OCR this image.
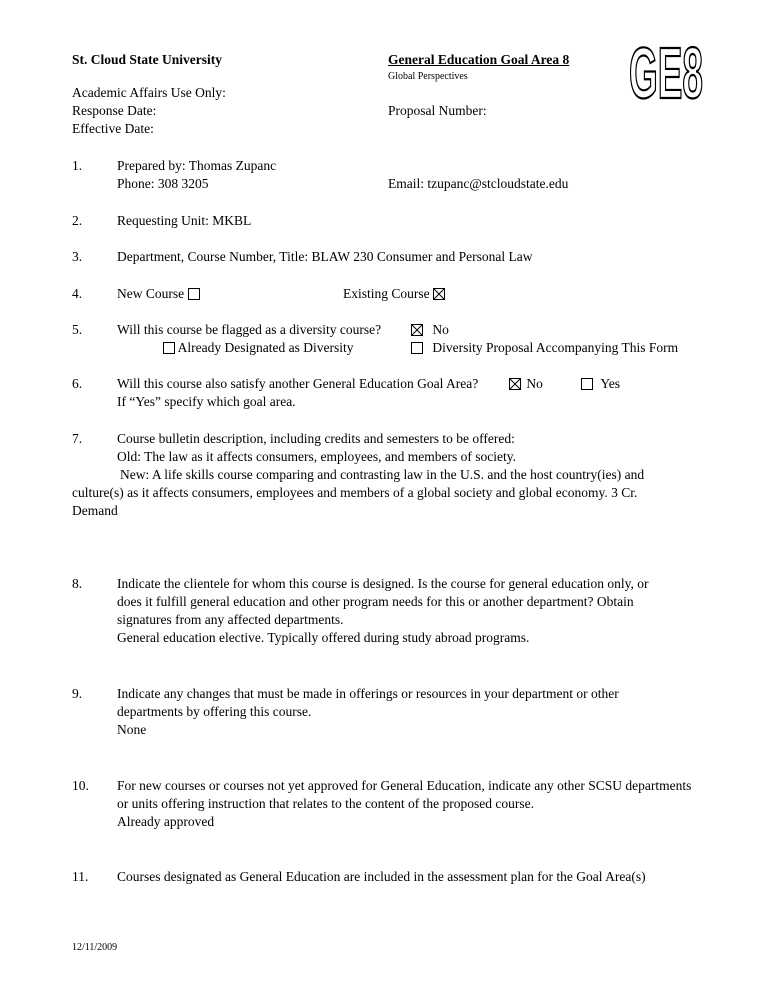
St. Cloud State University	General Education Goal Area 8
Global Perspectives GE8
Academic Affairs Use Only:
Response Date:	Proposal Number:
Effective Date:
1.	Prepared by: Thomas Zupanc
Phone: 308 3205	Email: tzupanc@stcloudstate.edu
2.	Requesting Unit: MKBL
3.	Department, Course Number, Title: BLAW 230 Consumer and Personal Law
4.	New Course	Existing Course
5.	Will this course be flagged as a diversity course?	No
Already Designated as Diversity	Diversity Proposal Accompanying This Form
6.	Will this course also satisfy another General Education Goal Area?	No	Yes
If “Yes” specify which goal area.
7.	Course bulletin description, including credits and semesters to be offered:
Old: The law as it affects consumers, employees, and members of society.
New: A life skills course comparing and contrasting law in the U.S. and the host country(ies) and
culture(s) as it affects consumers, employees and members of a global society and global economy. 3 Cr.
Demand
8.	Indicate the clientele for whom this course is designed. Is the course for general education only, or
does it fulfill general education and other program needs for this or another department? Obtain
signatures from any affected departments.
General education elective. Typically offered during study abroad programs.
9.	Indicate any changes that must be made in offerings or resources in your department or other
departments by offering this course.
None
10. For new courses or courses not yet approved for General Education, indicate any other SCSU departments
or units offering instruction that relates to the content of the proposed course.
Already approved
11. Courses designated as General Education are included in the assessment plan for the Goal Area(s)
12/11/2009
